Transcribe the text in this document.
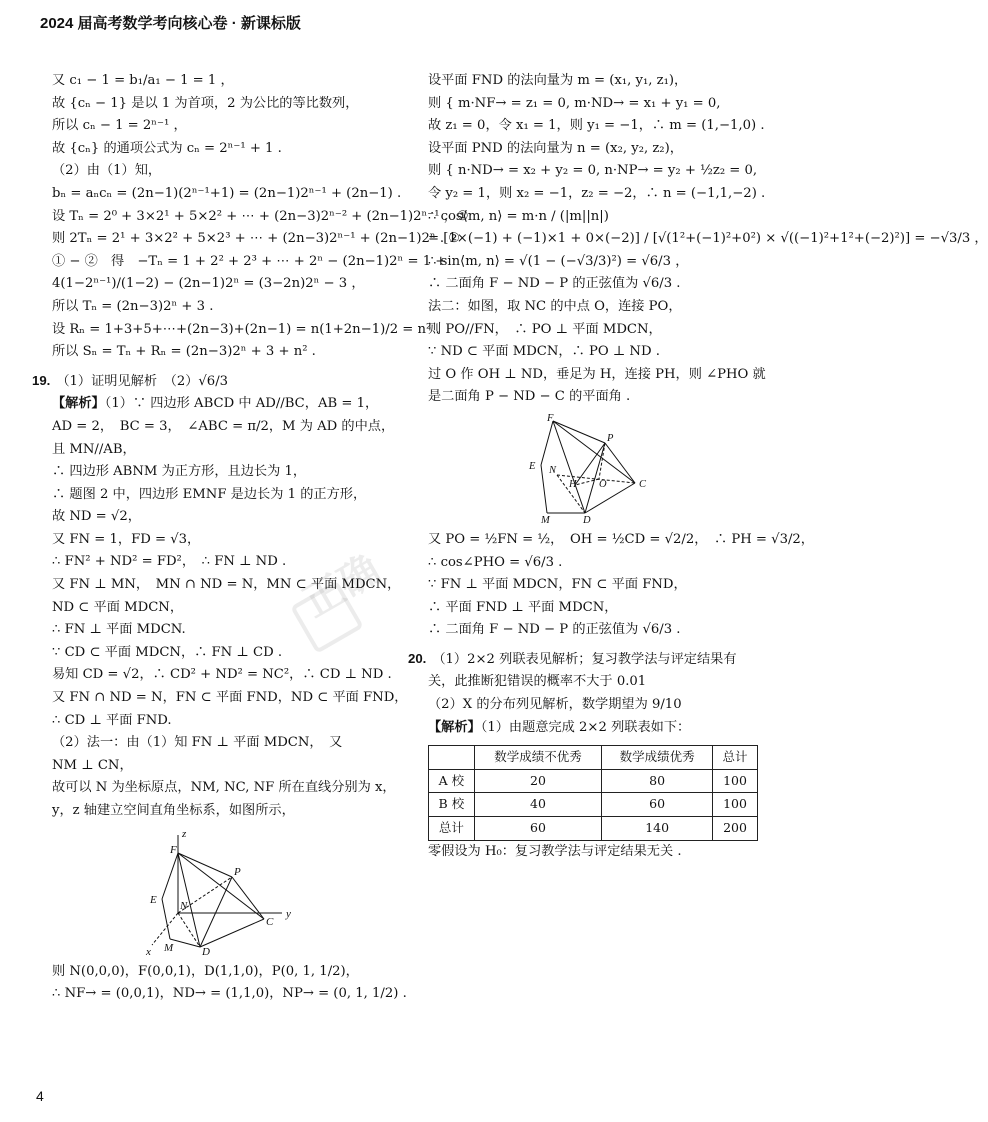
2024 届高考数学考向核心卷 · 新课标版
正确
又 c₁ − 1 = b₁/a₁ − 1 = 1 ，
故 {cₙ − 1} 是以 1 为首项，2 为公比的等比数列，
所以 cₙ − 1 = 2ⁿ⁻¹ ，
故 {cₙ} 的通项公式为 cₙ = 2ⁿ⁻¹ + 1 .
（2）由（1）知，
bₙ = aₙcₙ = (2n−1)(2ⁿ⁻¹+1) = (2n−1)2ⁿ⁻¹ + (2n−1) .
设 Tₙ = 2⁰ + 3×2¹ + 5×2² + ⋯ + (2n−3)2ⁿ⁻² + (2n−1)2ⁿ⁻¹ ，①
则 2Tₙ = 2¹ + 3×2² + 5×2³ + ⋯ + (2n−3)2ⁿ⁻¹ + (2n−1)2ⁿ . ②
① − ②　得　−Tₙ = 1 + 2² + 2³ + ⋯ + 2ⁿ − (2n−1)2ⁿ = 1 +
4(1−2ⁿ⁻¹)/(1−2) − (2n−1)2ⁿ = (3−2n)2ⁿ − 3 ，
所以 Tₙ = (2n−3)2ⁿ + 3 .
设 Rₙ = 1+3+5+⋯+(2n−3)+(2n−1) = n(1+2n−1)/2 = n² .
所以 Sₙ = Tₙ + Rₙ = (2n−3)2ⁿ + 3 + n² .
19. （1）证明见解析　（2）√6/3
【解析】（1）∵ 四边形 ABCD 中 AD//BC，AB = 1，
AD = 2，　BC = 3，　∠ABC = π/2，M 为 AD 的中点，
且 MN//AB，
∴ 四边形 ABNM 为正方形，且边长为 1，
∴ 题图 2 中，四边形 EMNF 是边长为 1 的正方形，
故 ND = √2，
又 FN = 1，FD = √3，
∴ FN² + ND² = FD²，　∴ FN ⊥ ND .
又 FN ⊥ MN，　MN ∩ ND = N，MN ⊂ 平面 MDCN，
ND ⊂ 平面 MDCN，
∴ FN ⊥ 平面 MDCN.
∵ CD ⊂ 平面 MDCN，∴ FN ⊥ CD .
易知 CD = √2，∴ CD² + ND² = NC²，∴ CD ⊥ ND .
又 FN ∩ ND = N，FN ⊂ 平面 FND，ND ⊂ 平面 FND，
∴ CD ⊥ 平面 FND.
（2）法一：由（1）知 FN ⊥ 平面 MDCN，　又
NM ⊥ CN，
故可以 N 为坐标原点，NM, NC, NF 所在直线分别为 x，
y，z 轴建立空间直角坐标系，如图所示，
z
F
P
E N
C
y
M	D
x
则 N(0,0,0)，F(0,0,1)，D(1,1,0)，P(0, 1, 1/2)，
∴ NF→ = (0,0,1)，ND→ = (1,1,0)，NP→ = (0, 1, 1/2) .
设平面 FND 的法向量为 m = (x₁, y₁, z₁)，
则 { m·NF→ = z₁ = 0, m·ND→ = x₁ + y₁ = 0,
故 z₁ = 0，令 x₁ = 1，则 y₁ = −1，∴ m = (1,−1,0) .
设平面 PND 的法向量为 n = (x₂, y₂, z₂)，
则 { n·ND→ = x₂ + y₂ = 0, n·NP→ = y₂ + ½z₂ = 0,
令 y₂ = 1，则 x₂ = −1，z₂ = −2，∴ n = (−1,1,−2) .
∴ cos⟨m, n⟩ = m·n / (|m||n|)
= [1×(−1) + (−1)×1 + 0×(−2)] / [√(1²+(−1)²+0²) × √((−1)²+1²+(−2)²)] = −√3/3 ，
∴ sin⟨m, n⟩ = √(1 − (−√3/3)²) = √6/3 ，
∴ 二面角 F − ND − P 的正弦值为 √6/3 .
法二：如图，取 NC 的中点 O，连接 PO，
则 PO//FN，　∴ PO ⊥ 平面 MDCN，
∵ ND ⊂ 平面 MDCN，∴ PO ⊥ ND .
过 O 作 OH ⊥ ND，垂足为 H，连接 PH，则 ∠PHO 就
是二面角 P − ND − C 的平面角 .
F
P
E N
H O	C
M	D
又 PO = ½FN = ½，　OH = ½CD = √2/2，　∴ PH = √3/2，
∴ cos∠PHO = √6/3 .
∵ FN ⊥ 平面 MDCN，FN ⊂ 平面 FND，
∴ 平面 FND ⊥ 平面 MDCN，
∴ 二面角 F − ND − P 的正弦值为 √6/3 .
20. （1）2×2 列联表见解析；复习教学法与评定结果有
关，此推断犯错误的概率不大于 0.01
（2）X 的分布列见解析，数学期望为 9/10
【解析】（1）由题意完成 2×2 列联表如下：
	数学成绩不优秀	数学成绩优秀	总计
A 校	20	80	100
B 校	40	60	100
总计	60	140	200
零假设为 H₀：复习教学法与评定结果无关 .
4
